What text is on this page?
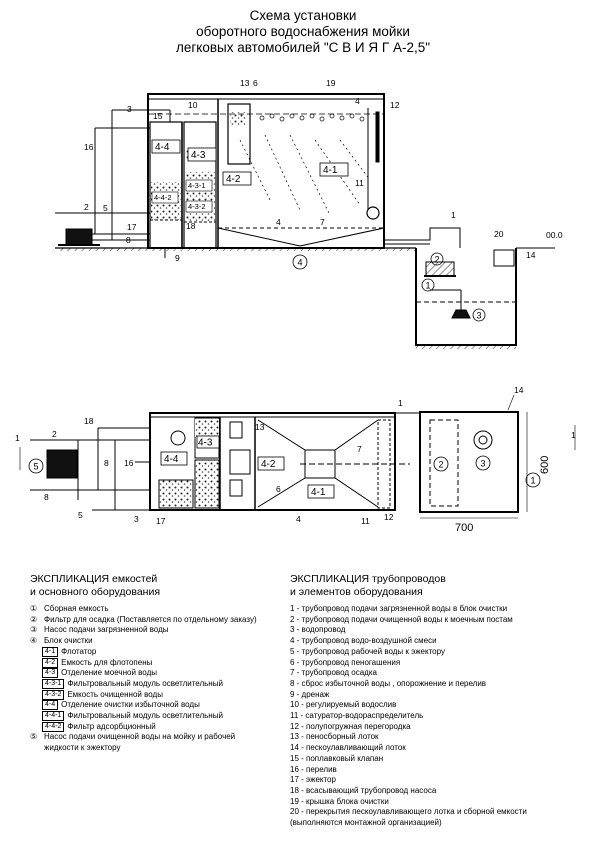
Схема установки
оборотного водоснабжения мойки
легковых автомобилей "С В И Я Г А-2,5"
4-4
4-3
4-3-1
4-3-2
4-4-2
4-2
4-1
1
2
3
4
1
2
3
4
4
5
6
7
8
9
10
11
12
13
14
15
16
17	18
19
20	00.0
4-3
4-4	4-2
4-1
1
2	3
5
1
2
3	4
5
6
7
8
8
11 12
13
14
16
17
18
1	1
700
600
ЭКСПЛИКАЦИЯ емкостей
и основного оборудования
① Сборная емкость
② Фильтр для осадка (Поставляется по отдельному заказу)
③ Насос подачи загрязненной воды
④ Блок очистки
4-1 Флотатор
4-2 Емкость для флотопены
4-3 Отделение моечной воды
4-3-1 Фильтровальный модуль осветлительный
4-3-2 Емкость очищенной воды
4-4 Отделение очистки избыточной воды
4-4-1 Фильтровальный модуль осветлительный
4-4-2 Фильтр адсорбционный
⑤ Насос подачи очищенной воды на мойку и рабочей жидкости к эжектору
ЭКСПЛИКАЦИЯ трубопроводов
и элементов оборудования
1 - трубопровод подачи загрязненной воды в блок очистки
2 - трубопровод подачи очищенной воды к моечным постам
3 - водопровод
4 - трубопровод водо-воздушной смеси
5 - трубопровод рабочей воды к эжектору
6 - трубопровод пеногашения
7 - трубопровод осадка
8 - сброс избыточной воды , опорожнение и перелив
9 - дренаж
10 - регулируемый водослив
11 - сатуратор-водораспределитель
12 - полупогружная перегородка
13 - пеносборный лоток
14 - пескоулавливающий лоток
15 - поплавковый клапан
16 - перелив
17 - эжектор
18 - всасывающий трубопровод насоса
19 - крышка блока очистки
20 - перекрытия пескоулавливающего лотка и сборной емкости (выполняются монтажной организацией)
